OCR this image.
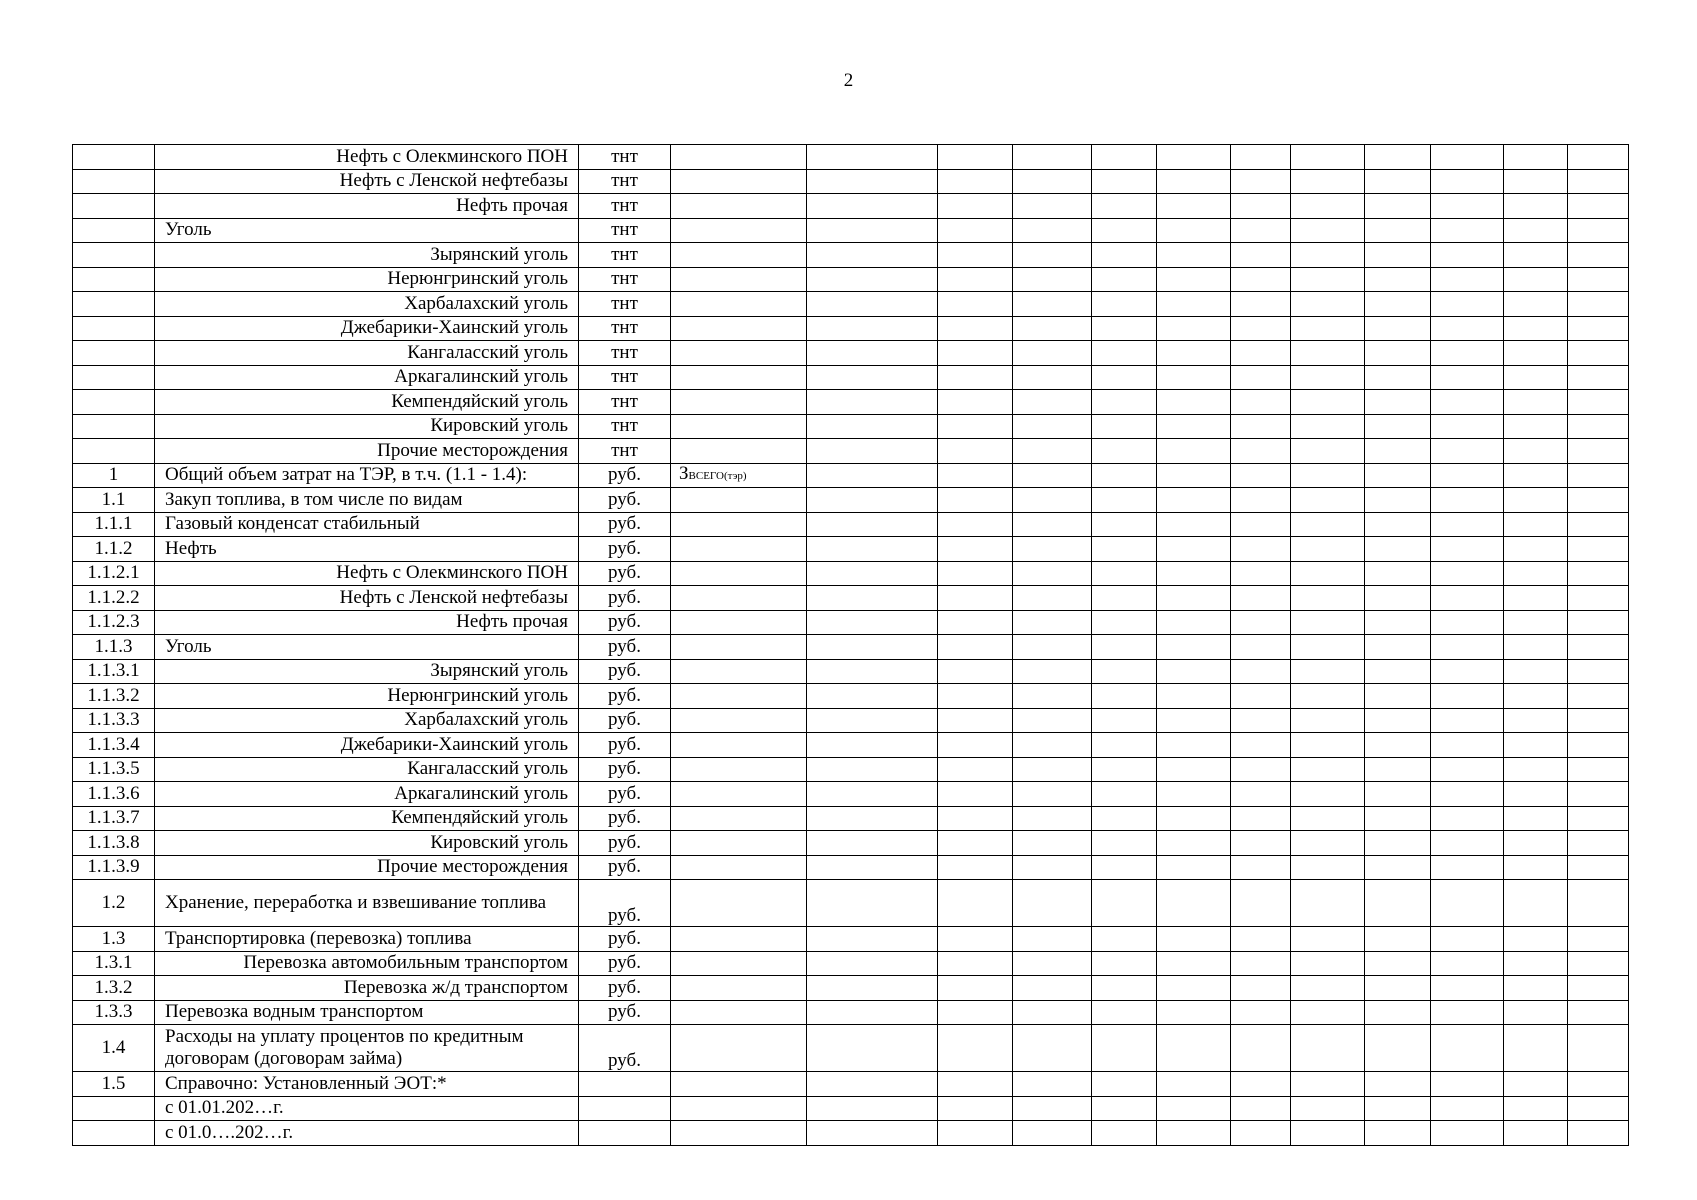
2
	Нефть с Олекминского ПОН	тнт												
	Нефть с Ленской нефтебазы	тнт												
	Нефть прочая	тнт												
	Уголь	тнт												
	Зырянский уголь	тнт												
	Нерюнгринский уголь	тнт												
	Харбалахский уголь	тнт												
	Джебарики-Хаинский уголь	тнт												
	Кангаласский уголь	тнт												
	Аркагалинский уголь	тнт												
	Кемпендяйский уголь	тнт												
	Кировский уголь	тнт												
	Прочие месторождения	тнт												
1	Общий объем затрат на ТЭР, в т.ч. (1.1 - 1.4):	руб.	ЗВСЕГО(тэр)											
1.1	Закуп топлива, в том числе по видам	руб.												
1.1.1	Газовый конденсат стабильный	руб.												
1.1.2	Нефть	руб.												
1.1.2.1	Нефть с Олекминского ПОН	руб.												
1.1.2.2	Нефть с Ленской нефтебазы	руб.												
1.1.2.3	Нефть прочая	руб.												
1.1.3	Уголь	руб.												
1.1.3.1	Зырянский уголь	руб.												
1.1.3.2	Нерюнгринский уголь	руб.												
1.1.3.3	Харбалахский уголь	руб.												
1.1.3.4	Джебарики-Хаинский уголь	руб.												
1.1.3.5	Кангаласский уголь	руб.												
1.1.3.6	Аркагалинский уголь	руб.												
1.1.3.7	Кемпендяйский уголь	руб.												
1.1.3.8	Кировский уголь	руб.												
1.1.3.9	Прочие месторождения	руб.												
1.2	Хранение, переработка и взвешивание топлива	руб.												
1.3	Транспортировка (перевозка) топлива	руб.												
1.3.1	Перевозка автомобильным транспортом	руб.												
1.3.2	Перевозка ж/д транспортом	руб.												
1.3.3	Перевозка водным транспортом	руб.												
1.4	Расходы на уплату процентов по кредитным договорам (договорам займа)	руб.												
1.5	Справочно: Установленный ЭОТ:*													
	с 01.01.202…г.													
	с 01.0….202…г.													
